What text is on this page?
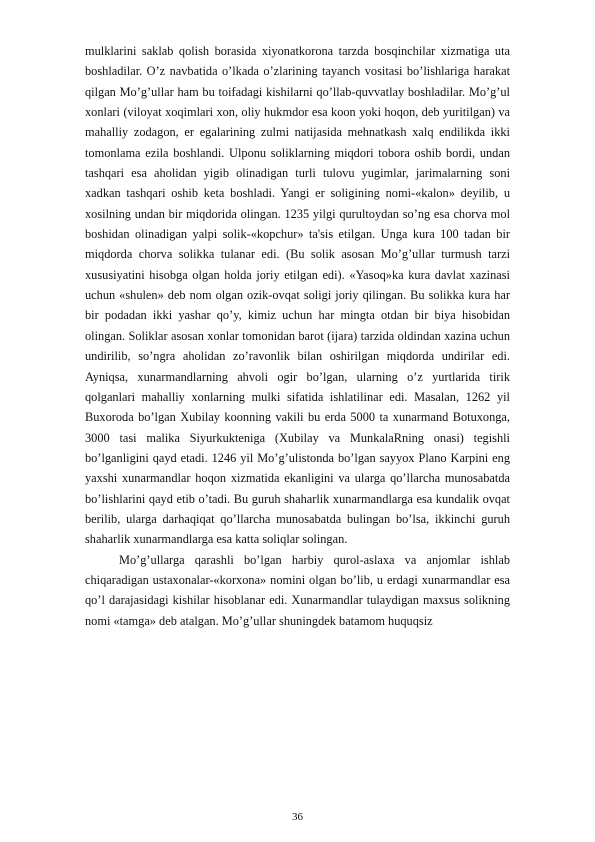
mulklarini saklab qolish borasida xiyonatkorona tarzda bosqinchilar xizmatiga uta boshladilar. O’z navbatida o’lkada o’zlarining tayanch vositasi bo’lishlariga harakat qilgan Mo’g’ullar ham bu toifadagi kishilarni qo’llab-quvvatlay boshladilar. Mo’g’ul xonlari (viloyat xoqimlari xon, oliy hukmdor esa koon yoki hoqon, deb yuritilgan) va mahalliy zodagon, er egalarining zulmi natijasida mehnatkash xalq endilikda ikki tomonlama ezila boshlandi. Ulponu soliklarning miqdori tobora oshib bordi, undan tashqari esa aholidan yigib olinadigan turli tulovu yugimlar, jarimalarning soni xadkan tashqari oshib keta boshladi. Yangi er soligining nomi-«kalon» deyilib, u xosilning undan bir miqdorida olingan. 1235 yilgi qurultoydan so’ng esa chorva mol boshidan olinadigan yalpi solik-«kopchur» ta'sis etilgan. Unga kura 100 tadan bir miqdorda chorva solikka tulanar edi. (Bu solik asosan Mo’g’ullar turmush tarzi xususiyatini hisobga olgan holda joriy etilgan edi). «Yasoq»ka kura davlat xazinasi uchun «shulen» deb nom olgan ozik-ovqat soligi joriy qilingan. Bu solikka kura har bir podadan ikki yashar qo’y, kimiz uchun har mingta otdan bir biya hisobidan olingan. Soliklar asosan xonlar tomonidan barot (ijara) tarzida oldindan xazina uchun undirilib, so’ngra aholidan zo’ravonlik bilan oshirilgan miqdorda undirilar edi. Ayniqsa, xunarmandlarning ahvoli ogir bo’lgan, ularning o’z yurtlarida tirik qolganlari mahalliy xonlarning mulki sifatida ishlatilinar edi. Masalan, 1262 yil Buxoroda bo’lgan Xubilay koonning vakili bu erda 5000 ta xunarmand Botuxonga, 3000 tasi malika Siyurkukteniga (Xubilay va MunkalaRning onasi) tegishli bo’lganligini qayd etadi. 1246 yil Mo’g’ulistonda bo’lgan sayyox Plano Karpini eng yaxshi xunarmandlar hoqon xizmatida ekanligini va ularga qo’llarcha munosabatda bo’lishlarini qayd etib o’tadi. Bu guruh shaharlik xunarmandlarga esa kundalik ovqat berilib, ularga darhaqiqat qo’llarcha munosabatda bulingan bo’lsa, ikkinchi guruh shaharlik xunarmandlarga esa katta soliqlar solingan.

Mo’g’ullarga qarashli bo’lgan harbiy qurol-aslaxa va anjomlar ishlab chiqaradigan ustaxonalar-«korxona» nomini olgan bo’lib, u erdagi xunarmandlar esa qo’l darajasidagi kishilar hisoblanar edi. Xunarmandlar tulaydigan maxsus solikning nomi «tamga» deb atalgan. Mo’g’ullar shuningdek batamom huquqsiz

36
